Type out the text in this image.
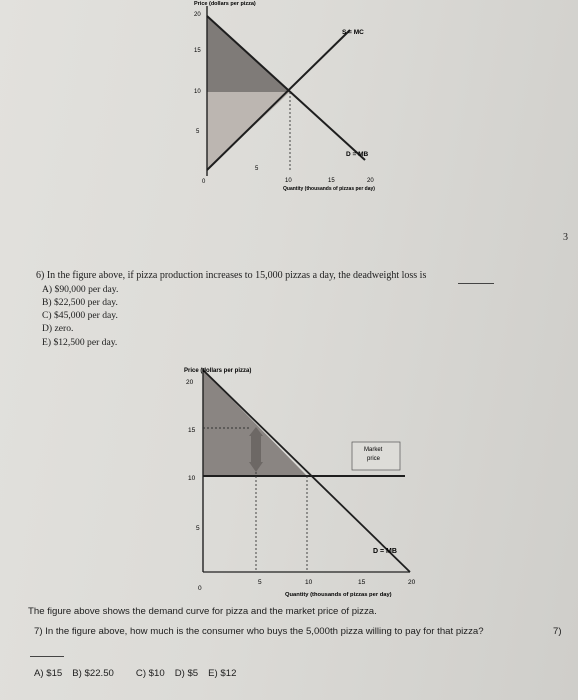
Price (dollars per pizza)
20
15
10
5
0
5
10	15	20
Quantity (thousands of pizzas per day)
S = MC
D = MB
3
6) In the figure above, if pizza production increases to 15,000 pizzas a day, the deadweight loss is
A) $90,000 per day.
B) $22,500 per day.
C) $45,000 per day.
D) zero.
E) $12,500 per day.
Price (dollars per pizza)
20
15
10
5
0
5	10	15	20
Quantity (thousands of pizzas per day)
Market
price
D = MB
The figure above shows the demand curve for pizza and the market price of pizza.
7) In the figure above, how much is the consumer who buys the 5,000th pizza willing to pay for that pizza?	7)
A) $15 B) $22.50 C) $10 D) $5 E) $12
